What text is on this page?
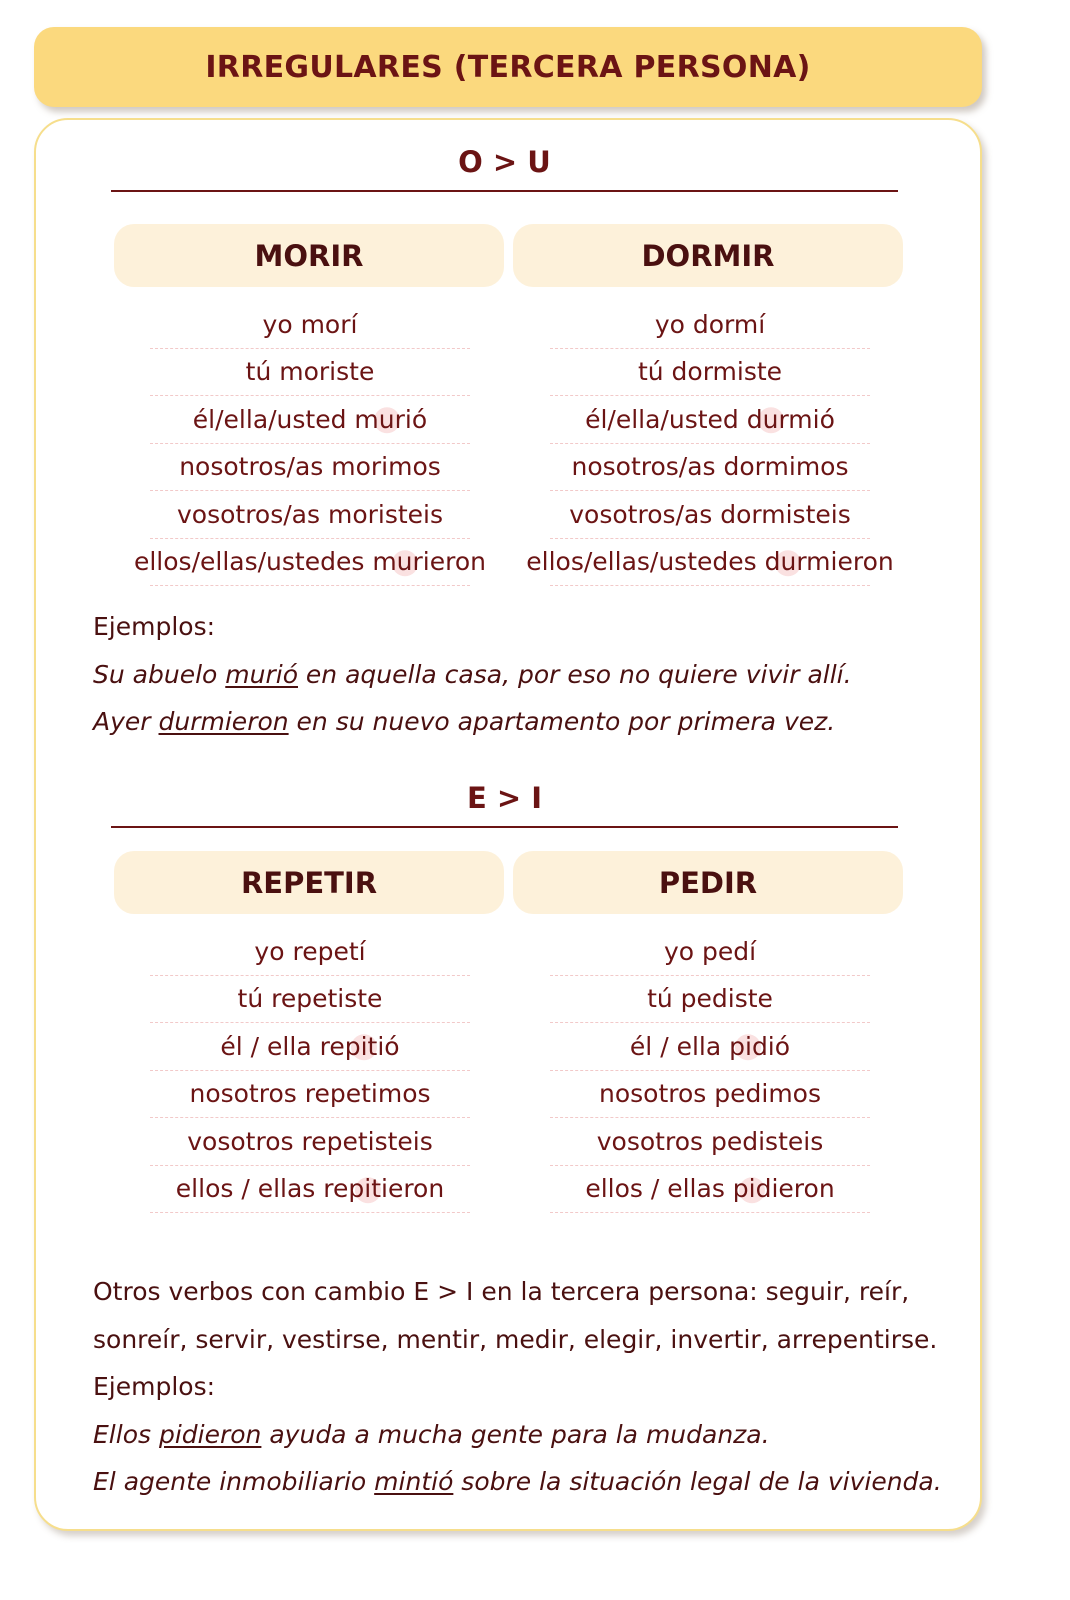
IRREGULARES (TERCERA PERSONA)
O > U
MORIR	DORMIR
yo morí
tú moriste
él/ella/usted murió
nosotros/as morimos
vosotros/as moristeis
ellos/ellas/ustedes murieron
yo dormí
tú dormiste
él/ella/usted durmió
nosotros/as dormimos
vosotros/as dormisteis
ellos/ellas/ustedes durmieron
Ejemplos:
Su abuelo murió en aquella casa, por eso no quiere vivir allí.
Ayer durmieron en su nuevo apartamento por primera vez.
E > I
REPETIR	PEDIR
yo repetí
tú repetiste
él / ella repitió
nosotros repetimos
vosotros repetisteis
ellos / ellas repitieron
yo pedí
tú pediste
él / ella pidió
nosotros pedimos
vosotros pedisteis
ellos / ellas pidieron
Otros verbos con cambio E > I en la tercera persona: seguir, reír,
sonreír, servir, vestirse, mentir, medir, elegir, invertir, arrepentirse.
Ejemplos:
Ellos pidieron ayuda a mucha gente para la mudanza.
El agente inmobiliario mintió sobre la situación legal de la vivienda.
